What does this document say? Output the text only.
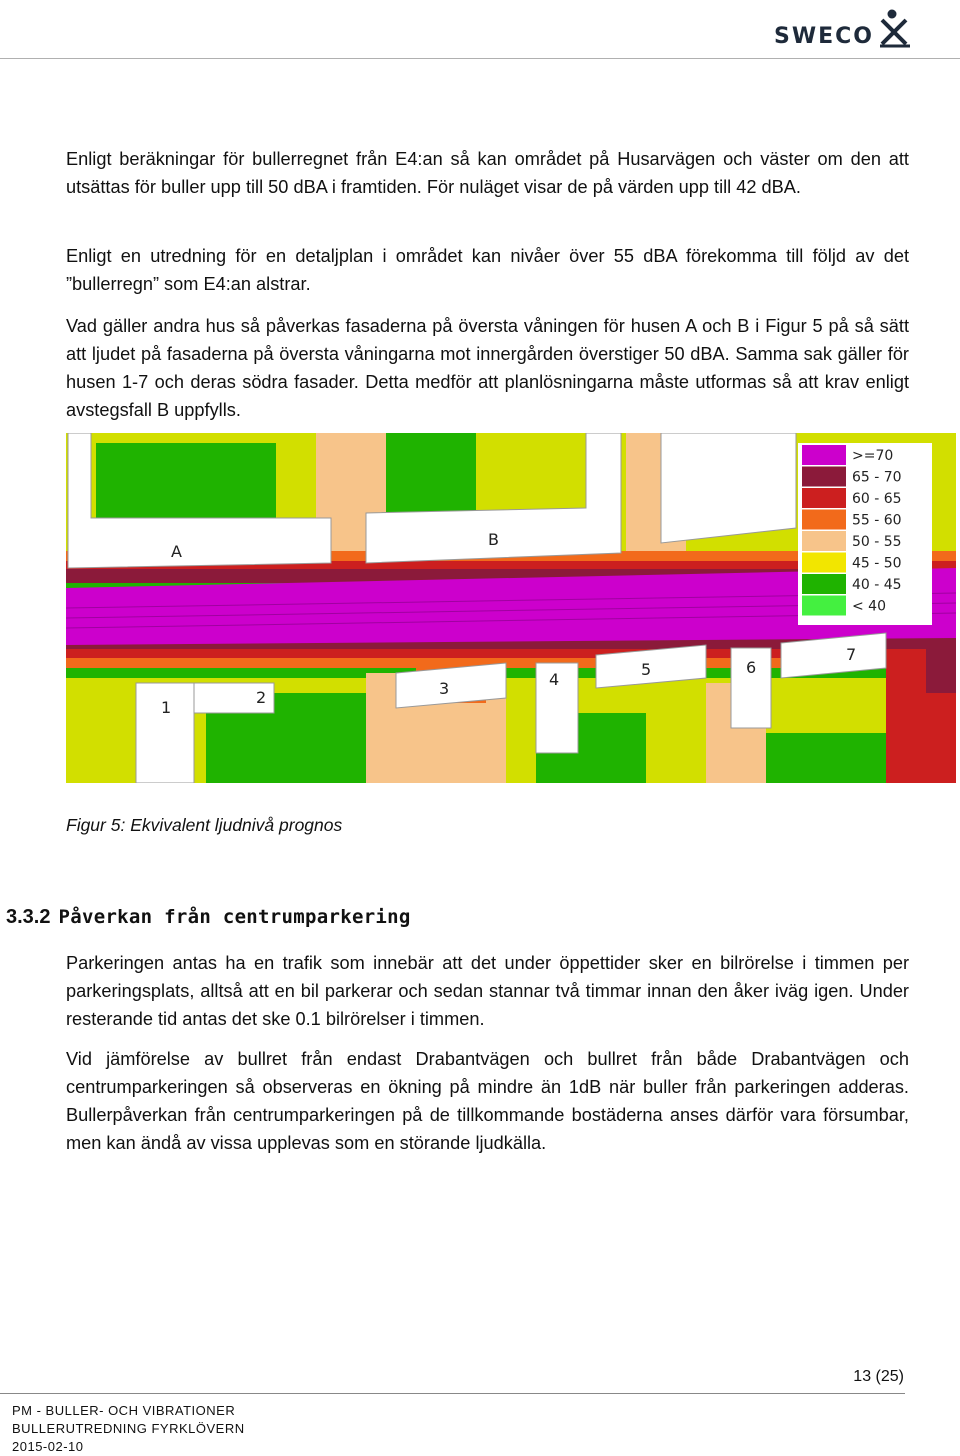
SWECO

Enligt beräkningar för bullerregnet från E4:an så kan området på Husarvägen och väster om den att utsättas för buller upp till 50 dBA i framtiden. För nuläget visar de på värden upp till 42 dBA.

Enligt en utredning för en detaljplan i området kan nivåer över 55 dBA förekomma till följd av det ”bullerregn” som E4:an alstrar.

Vad gäller andra hus så påverkas fasaderna på översta våningen för husen A och B i Figur 5 på så sätt att ljudet på fasaderna på översta våningarna mot innergården överstiger 50 dBA. Samma sak gäller för husen 1-7 och deras södra fasader. Detta medför att planlösningarna måste utformas så att krav enligt avstegsfall B uppfylls.

A
B
1
2	3	4
5	6
7
>=70
65 - 70
60 - 65
55 - 60
50 - 55
45 - 50
40 - 45
< 40

Figur 5: Ekvivalent ljudnivå prognos

3.3.2 Påverkan från centrumparkering

Parkeringen antas ha en trafik som innebär att det under öppettider sker en bilrörelse i timmen per parkeringsplats, alltså att en bil parkerar och sedan stannar två timmar innan den åker iväg igen. Under resterande tid antas det ske 0.1 bilrörelser i timmen.

Vid jämförelse av bullret från endast Drabantvägen och bullret från både Drabantvägen och centrumparkeringen så observeras en ökning på mindre än 1dB när buller från parkeringen adderas. Bullerpåverkan från centrumparkeringen på de tillkommande bostäderna anses därför vara försumbar, men kan ändå av vissa upplevas som en störande ljudkälla.

13 (25)
PM - BULLER- OCH VIBRATIONER
BULLERUTREDNING FYRKLÖVERN
2015-02-10
